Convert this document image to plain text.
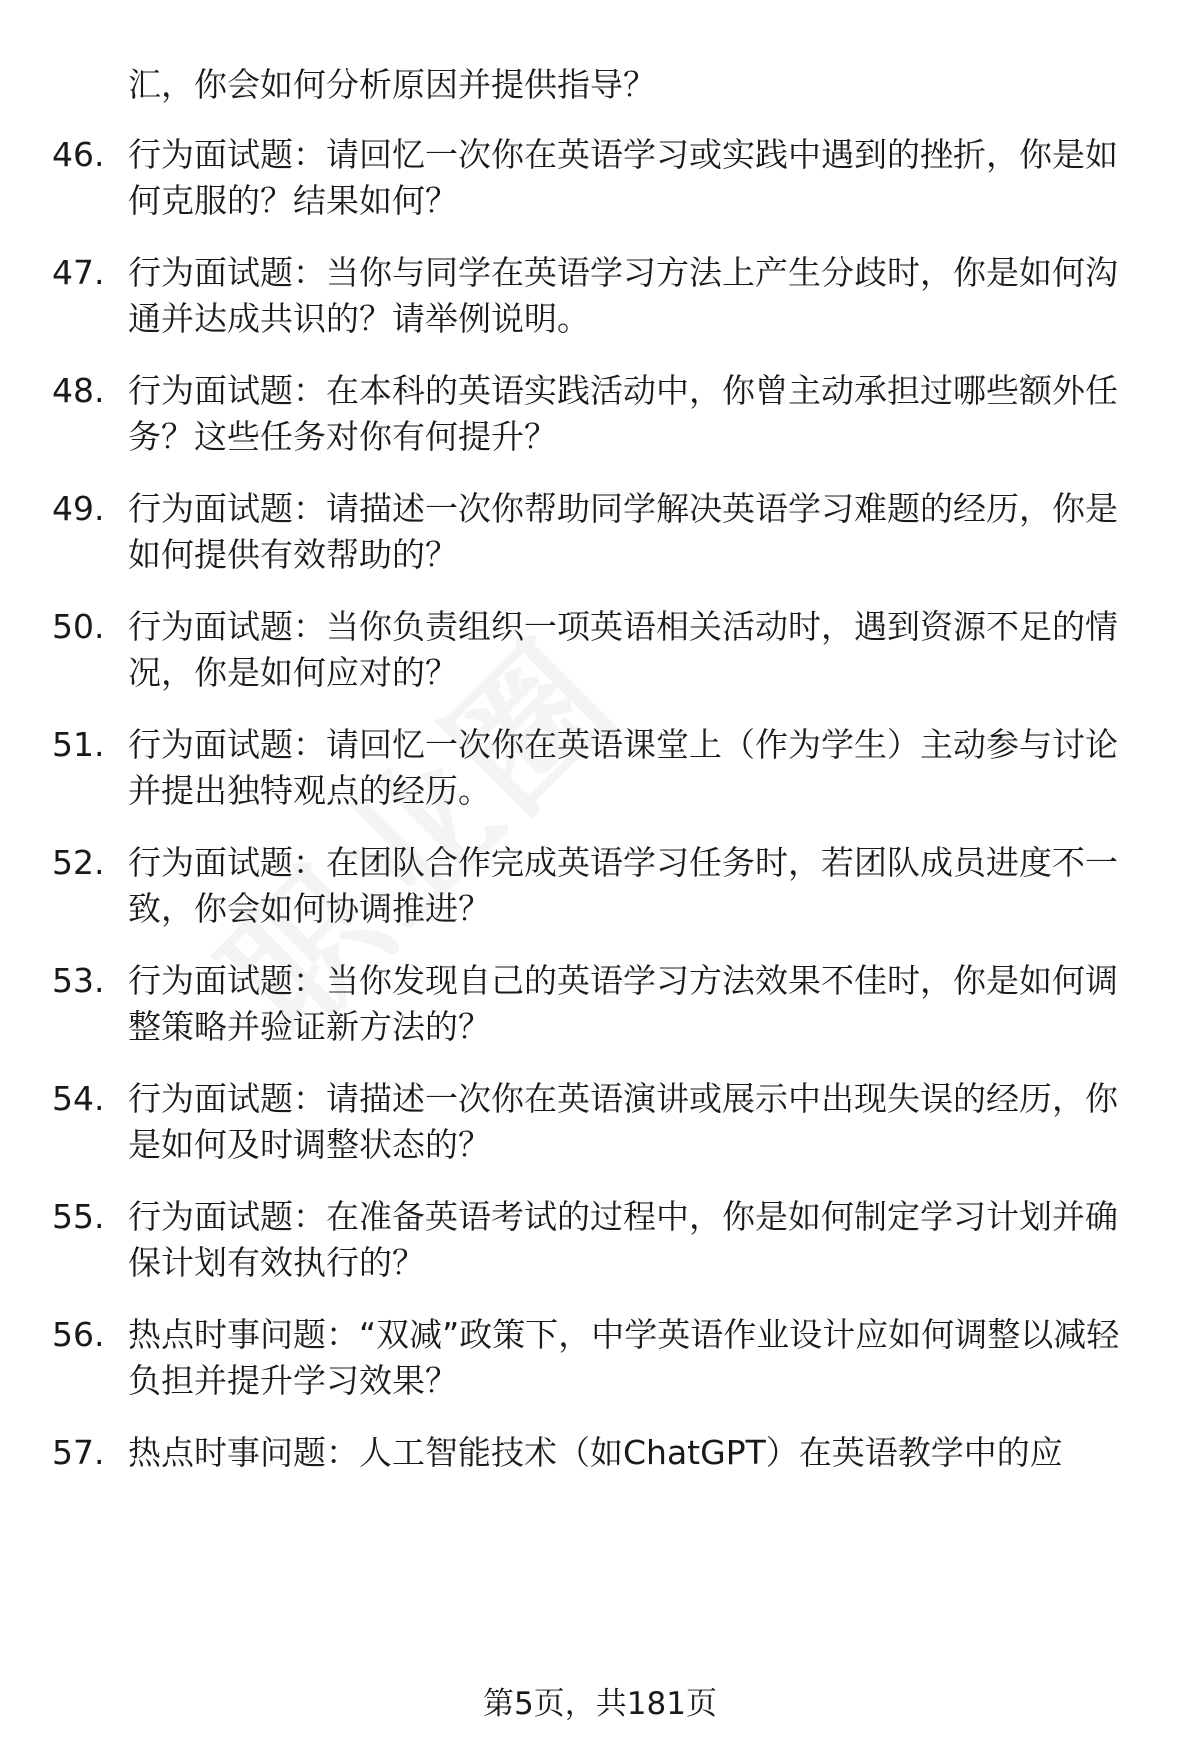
汇，你会如何分析原因并提供指导？
46. 行为面试题：请回忆一次你在英语学习或实践中遇到的挫折，你是如何克服的？结果如何？
47. 行为面试题：当你与同学在英语学习方法上产生分歧时，你是如何沟通并达成共识的？请举例说明。
48. 行为面试题：在本科的英语实践活动中，你曾主动承担过哪些额外任务？这些任务对你有何提升？
49. 行为面试题：请描述一次你帮助同学解决英语学习难题的经历，你是如何提供有效帮助的？
50. 行为面试题：当你负责组织一项英语相关活动时，遇到资源不足的情况，你是如何应对的？
51. 行为面试题：请回忆一次你在英语课堂上（作为学生）主动参与讨论并提出独特观点的经历。
52. 行为面试题：在团队合作完成英语学习任务时，若团队成员进度不一致，你会如何协调推进？
53. 行为面试题：当你发现自己的英语学习方法效果不佳时，你是如何调整策略并验证新方法的？
54. 行为面试题：请描述一次你在英语演讲或展示中出现失误的经历，你是如何及时调整状态的？
55. 行为面试题：在准备英语考试的过程中，你是如何制定学习计划并确保计划有效执行的？
56. 热点时事问题：“双减”政策下，中学英语作业设计应如何调整以减轻负担并提升学习效果？
57. 热点时事问题：人工智能技术（如ChatGPT）在英语教学中的应
第5页，共181页
